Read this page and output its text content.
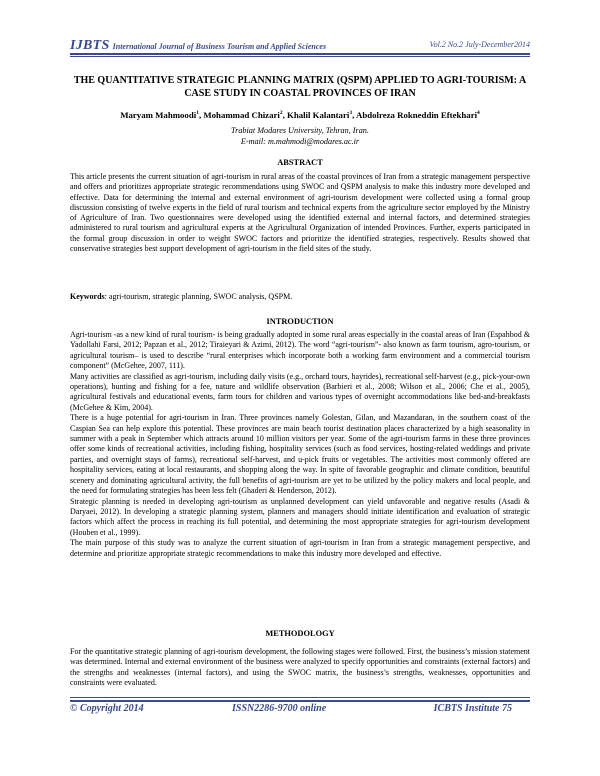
IJBTS International Journal of Business Tourism and Applied Sciences	Vol.2 No.2 July-December2014
THE QUANTITATIVE STRATEGIC PLANNING MATRIX (QSPM) APPLIED TO AGRI-TOURISM: A CASE STUDY IN COASTAL PROVINCES OF IRAN
Maryam Mahmoodi$^1$, Mohammad Chizari$^2$, Khalil Kalantari$^3$, Abdolreza Rokneddin Eftekhari$^4$
Trabiat Modares University, Tehran, Iran.
E-mail: m.mahmodi@modares.ac.ir
ABSTRACT
This article presents the current situation of agri-tourism in rural areas of the coastal provinces of Iran from a strategic management perspective and offers and prioritizes appropriate strategic recommendations using SWOC and QSPM analysis to make this industry more developed and effective. Data for determining the internal and external environment of agri-tourism development were collected using a formal group discussion consisting of twelve experts in the field of rural tourism and technical experts from the agriculture sector employed by the Ministry of Agriculture of Iran. Two questionnaires were developed using the identified external and internal factors, and determined strategies administered to rural tourism and agricultural experts at the Agricultural Organization of intended Provinces. Further, experts participated in the formal group discussion in order to weight SWOC factors and prioritize the identified strategies, respectively. Results showed that conservative strategies best support development of agri-tourism in the field sites of the study.
Keywords: agri-tourism, strategic planning, SWOC analysis, QSPM.
INTRODUCTION

Agri-tourism -as a new kind of rural tourism- is being gradually adopted in some rural areas especially in the coastal areas of Iran (Espahbod & Yadollahi Farsi, 2012; Papzan et al., 2012; Tiraieyari & Azimi, 2012). The word “agri-tourism”- also known as farm tourism, agro-tourism, or agricultural tourism– is used to describe “rural enterprises which incorporate both a working farm environment and a commercial tourism component” (McGehee, 2007, 111).

Many activities are classified as agri-tourism, including daily visits (e.g., orchard tours, hayrides), recreational self-harvest (e.g., pick-your-own operations), hunting and fishing for a fee, nature and wildlife observation (Barbieri et al., 2008; Wilson et al., 2006; Che et al., 2005), agricultural festivals and educational events, farm tours for children and various types of overnight accommodations like bed-and-breakfasts (McGehee & Kim, 2004).

There is a huge potential for agri-tourism in Iran. Three provinces namely Golestan, Gilan, and Mazandaran, in the southern coast of the Caspian Sea can help explore this potential. These provinces are main beach tourist destination places characterized by a high seasonality in summer with a peak in September which attracts around 10 million visitors per year. Some of the agri-tourism farms in these three provinces offer some kinds of recreational activities, including fishing, hospitality services (such as food services, hosting-related weddings and private parties, and overnight stays of farms), recreational self-harvest, and u-pick fruits or vegetables. The activities most commonly offered are hospitality services, eating at local restaurants, and shopping along the way. In spite of favorable geographic and climate condition, beautiful scenery and dominating agricultural activity, the full benefits of agri-tourism are yet to be utilized by the policy makers and local people, and the need for formulating strategies has been less felt (Ghaderi & Henderson, 2012).

Strategic planning is needed in developing agri-tourism as unplanned development can yield unfavorable and negative results (Asadi & Daryaei, 2012). In developing a strategic planning system, planners and managers should initiate identification and evaluation of strategic factors which affect the process in reaching its full potential, and determining the most appropriate strategies for agri-tourism development (Houben et al., 1999).

The main purpose of this study was to analyze the current situation of agri-tourism in Iran from a strategic management perspective, and determine and prioritize appropriate strategic recommendations to make this industry more developed and effective.

METHODOLOGY

For the quantitative strategic planning of agri-tourism development, the following stages were followed. First, the business’s mission statement was determined. Internal and external environment of the business were analyzed to specify opportunities and constraints (external factors) and the strengths and weaknesses (internal factors), and using the SWOC matrix, the business’s strengths, weaknesses, opportunities and constraints were evaluated.

© Copyright 2014	ISSN2286-9700 online	ICBTS Institute 75
